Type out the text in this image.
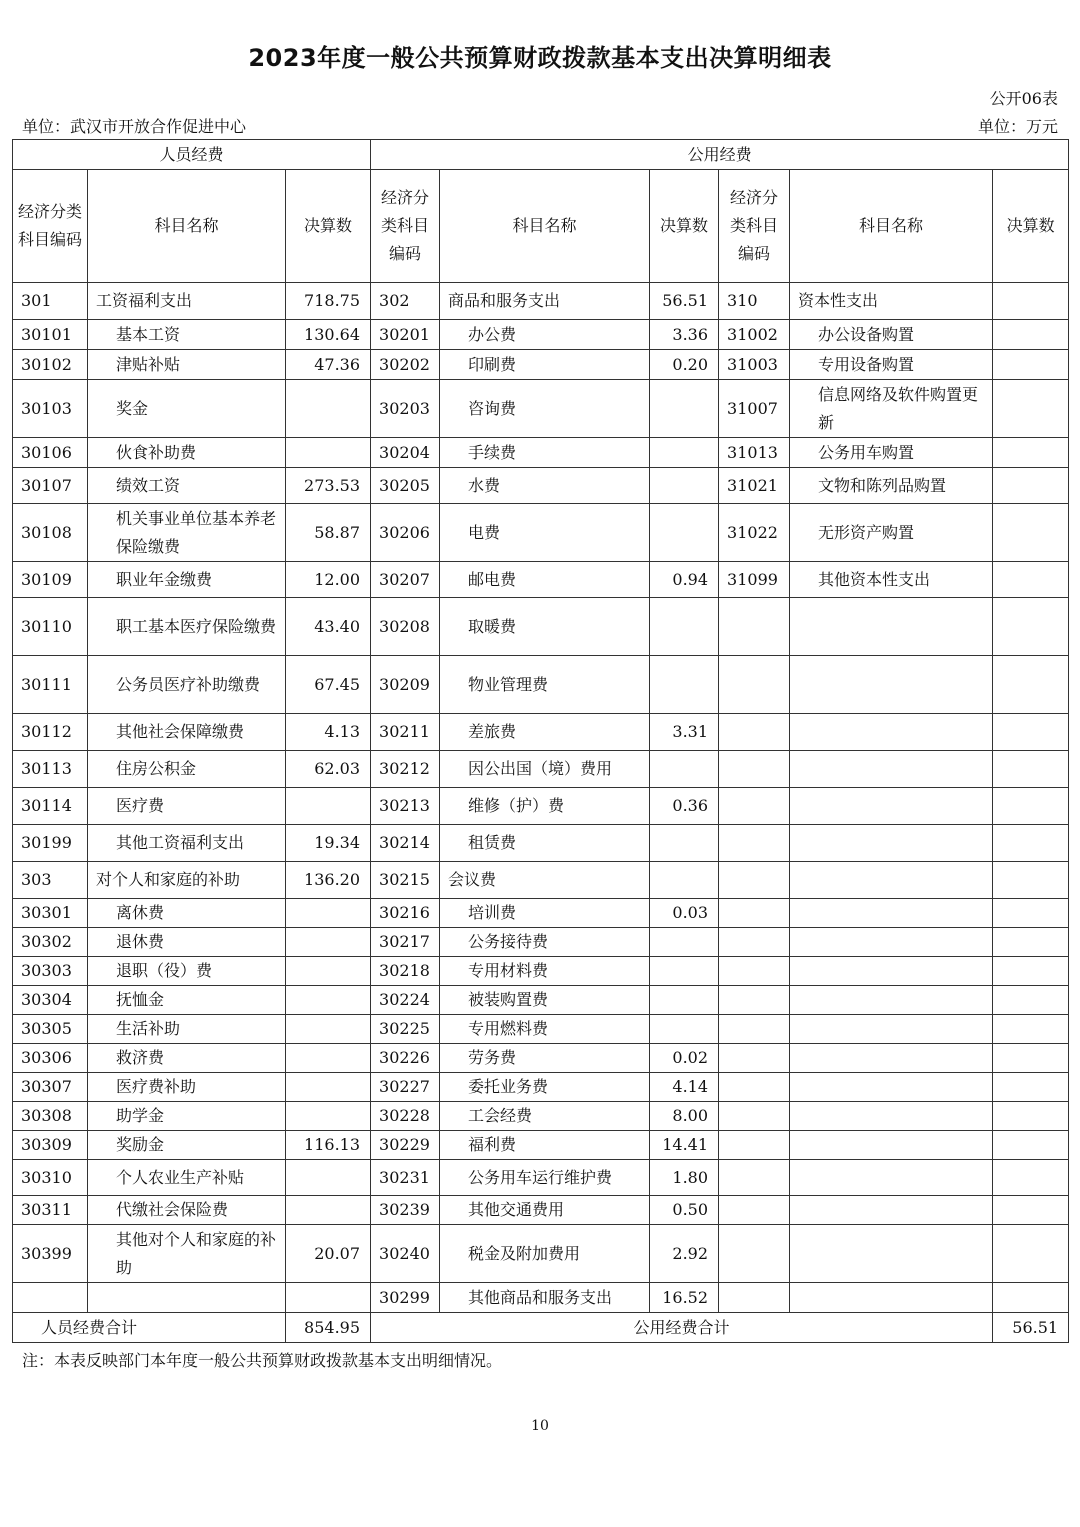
2023年度一般公共预算财政拨款基本支出决算明细表
公开06表
单位：武汉市开放合作促进中心	单位：万元
人员经费			公用经费					
经济分类科目编码	科目名称	决算数	经济分类科目编码	科目名称	决算数	经济分类科目编码	科目名称	决算数
301	工资福利支出	718.75	302	商品和服务支出	56.51	310	资本性支出	
30101	基本工资	130.64	30201	办公费	3.36	31002	办公设备购置	
30102	津贴补贴	47.36	30202	印刷费	0.20	31003	专用设备购置	
30103	奖金		30203	咨询费		31007	信息网络及软件购置更新	
30106	伙食补助费		30204	手续费		31013	公务用车购置	
30107	绩效工资	273.53	30205	水费		31021	文物和陈列品购置	
30108	机关事业单位基本养老保险缴费	58.87	30206	电费		31022	无形资产购置	
30109	职业年金缴费	12.00	30207	邮电费	0.94	31099	其他资本性支出	
30110	职工基本医疗保险缴费	43.40	30208	取暖费				
30111	公务员医疗补助缴费	67.45	30209	物业管理费				
30112	其他社会保障缴费	4.13	30211	差旅费	3.31			
30113	住房公积金	62.03	30212	因公出国（境）费用				
30114	医疗费		30213	维修（护）费	0.36			
30199	其他工资福利支出	19.34	30214	租赁费				
303	对个人和家庭的补助	136.20	30215	会议费				
30301	离休费		30216	培训费	0.03			
30302	退休费		30217	公务接待费				
30303	退职（役）费		30218	专用材料费				
30304	抚恤金		30224	被装购置费				
30305	生活补助		30225	专用燃料费				
30306	救济费		30226	劳务费	0.02			
30307	医疗费补助		30227	委托业务费	4.14			
30308	助学金		30228	工会经费	8.00			
30309	奖励金	116.13	30229	福利费	14.41			
30310	个人农业生产补贴		30231	公务用车运行维护费	1.80			
30311	代缴社会保险费		30239	其他交通费用	0.50			
30399	其他对个人和家庭的补助	20.07	30240	税金及附加费用	2.92			
			30299	其他商品和服务支出	16.52			
人员经费合计		854.95	公用经费合计					56.51
注：本表反映部门本年度一般公共预算财政拨款基本支出明细情况。
10
